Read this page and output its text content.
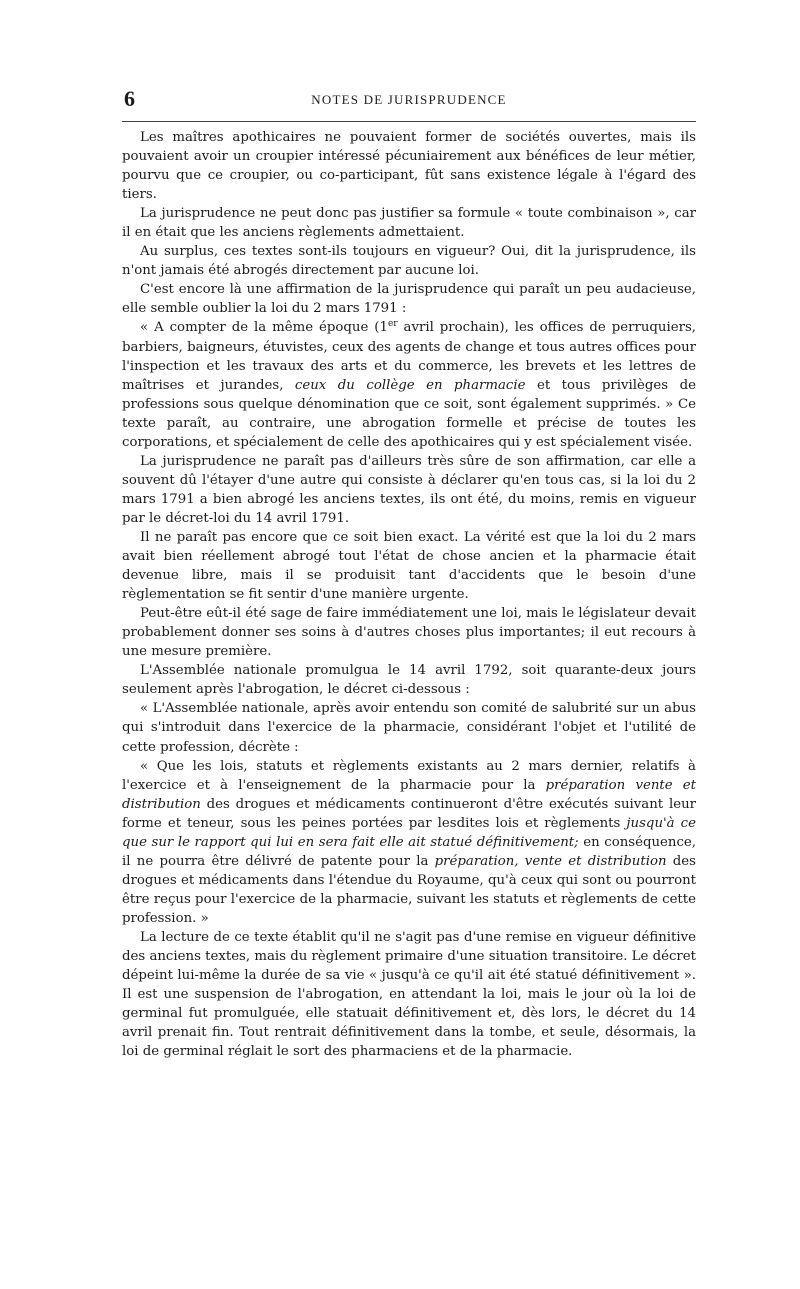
6	NOTES DE JURISPRUDENCE

Les maîtres apothicaires ne pouvaient former de sociétés ouvertes, mais ils pouvaient avoir un croupier intéressé pécuniairement aux bénéfices de leur métier, pourvu que ce croupier, ou co-participant, fût sans existence légale à l'égard des tiers.

La jurisprudence ne peut donc pas justifier sa formule « toute combinaison », car il en était que les anciens règlements admettaient.

Au surplus, ces textes sont-ils toujours en vigueur? Oui, dit la jurisprudence, ils n'ont jamais été abrogés directement par aucune loi.

C'est encore là une affirmation de la jurisprudence qui paraît un peu audacieuse, elle semble oublier la loi du 2 mars 1791 :

« A compter de la même époque (1er avril prochain), les offices de perruquiers, barbiers, baigneurs, étuvistes, ceux des agents de change et tous autres offices pour l'inspection et les travaux des arts et du commerce, les brevets et les lettres de maîtrises et jurandes, ceux du collège en pharmacie et tous privilèges de professions sous quelque dénomination que ce soit, sont également supprimés. » Ce texte paraît, au contraire, une abrogation formelle et précise de toutes les corporations, et spécialement de celle des apothicaires qui y est spécialement visée.

La jurisprudence ne paraît pas d'ailleurs très sûre de son affirmation, car elle a souvent dû l'étayer d'une autre qui consiste à déclarer qu'en tous cas, si la loi du 2 mars 1791 a bien abrogé les anciens textes, ils ont été, du moins, remis en vigueur par le décret-loi du 14 avril 1791.

Il ne paraît pas encore que ce soit bien exact. La vérité est que la loi du 2 mars avait bien réellement abrogé tout l'état de chose ancien et la pharmacie était devenue libre, mais il se produisit tant d'accidents que le besoin d'une règlementation se fit sentir d'une manière urgente.

Peut-être eût-il été sage de faire immédiatement une loi, mais le législateur devait probablement donner ses soins à d'autres choses plus importantes; il eut recours à une mesure première.

L'Assemblée nationale promulgua le 14 avril 1792, soit quarante-deux jours seulement après l'abrogation, le décret ci-dessous :

« L'Assemblée nationale, après avoir entendu son comité de salubrité sur un abus qui s'introduit dans l'exercice de la pharmacie, considérant l'objet et l'utilité de cette profession, décrète :

« Que les lois, statuts et règlements existants au 2 mars dernier, relatifs à l'exercice et à l'enseignement de la pharmacie pour la préparation vente et distribution des drogues et médicaments continueront d'être exécutés suivant leur forme et teneur, sous les peines portées par lesdites lois et règlements jusqu'à ce que sur le rapport qui lui en sera fait elle ait statué définitivement; en conséquence, il ne pourra être délivré de patente pour la préparation, vente et distribution des drogues et médicaments dans l'étendue du Royaume, qu'à ceux qui sont ou pourront être reçus pour l'exercice de la pharmacie, suivant les statuts et règlements de cette profession. »

La lecture de ce texte établit qu'il ne s'agit pas d'une remise en vigueur définitive des anciens textes, mais du règlement primaire d'une situation transitoire. Le décret dépeint lui-même la durée de sa vie « jusqu'à ce qu'il ait été statué définitivement ». Il est une suspension de l'abrogation, en attendant la loi, mais le jour où la loi de germinal fut promulguée, elle statuait définitivement et, dès lors, le décret du 14 avril prenait fin. Tout rentrait définitivement dans la tombe, et seule, désormais, la loi de germinal réglait le sort des pharmaciens et de la pharmacie.
